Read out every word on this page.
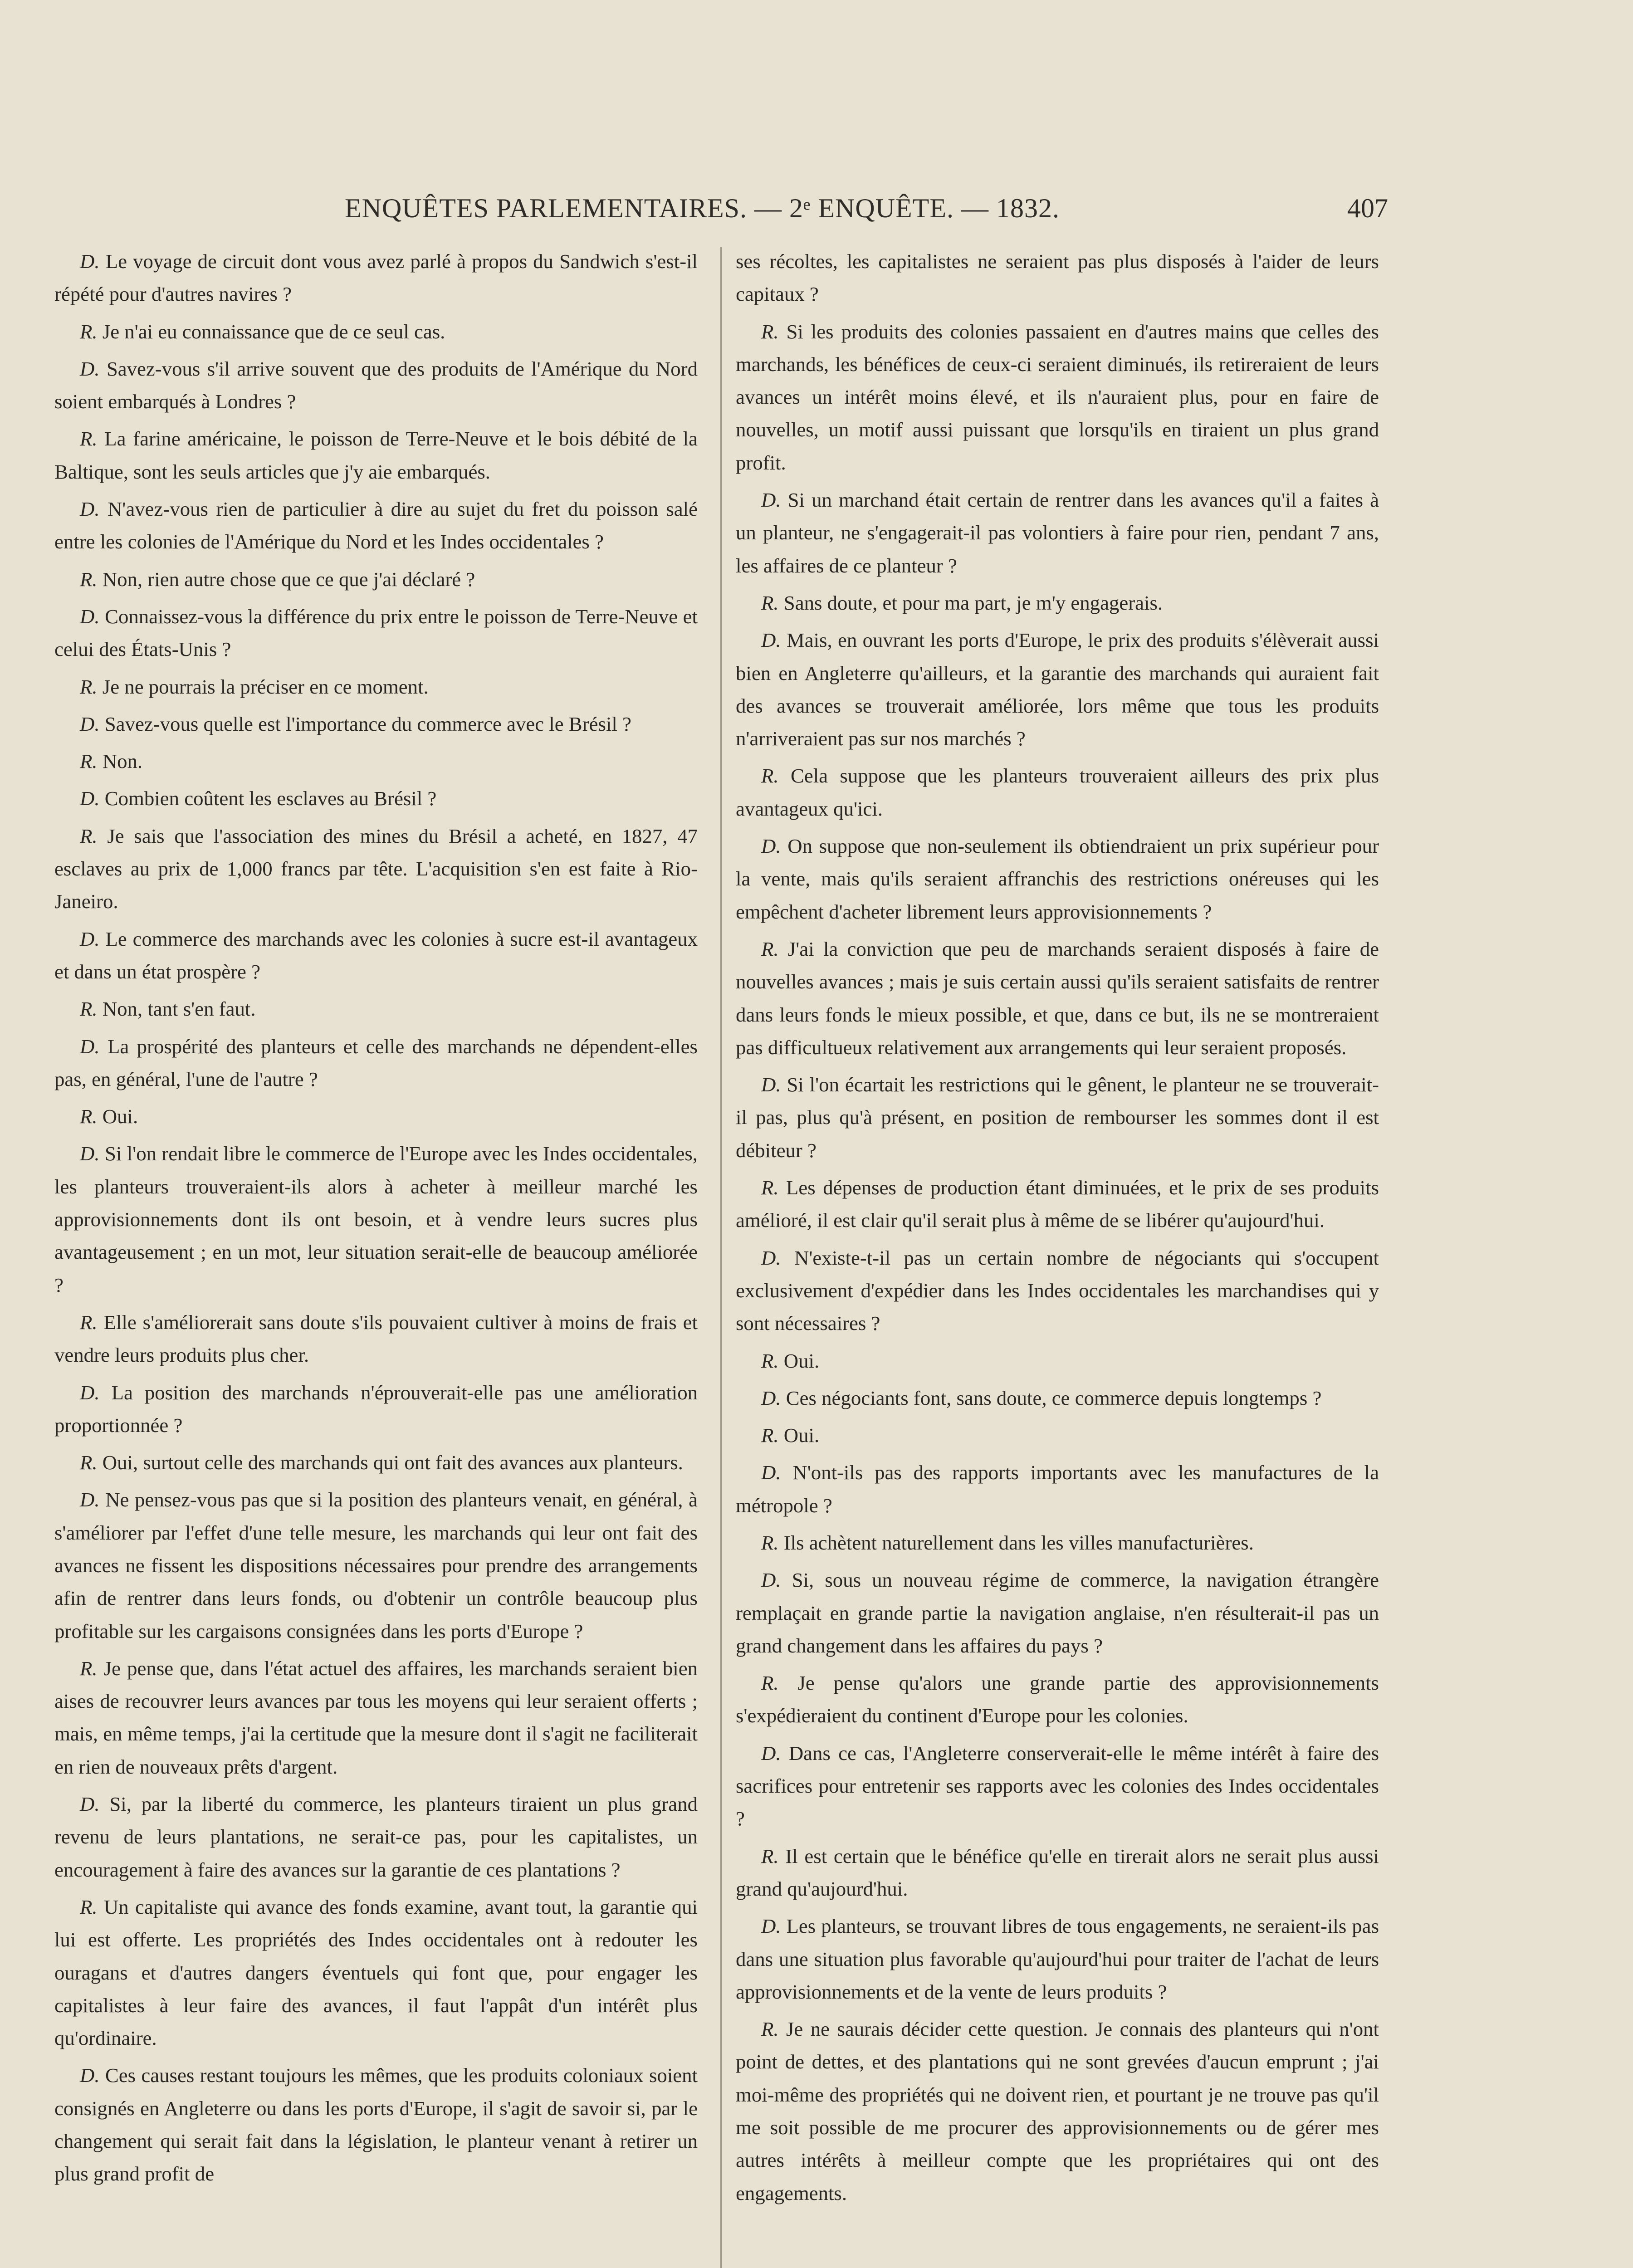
ENQUÊTES PARLEMENTAIRES. — 2ᵉ ENQUÊTE. — 1832.	407

D. Le voyage de circuit dont vous avez parlé à propos du Sandwich s'est-il répété pour d'autres navires ?

R. Je n'ai eu connaissance que de ce seul cas.

D. Savez-vous s'il arrive souvent que des produits de l'Amérique du Nord soient embarqués à Londres ?

R. La farine américaine, le poisson de Terre-Neuve et le bois débité de la Baltique, sont les seuls articles que j'y aie embarqués.

D. N'avez-vous rien de particulier à dire au sujet du fret du poisson salé entre les colonies de l'Amérique du Nord et les Indes occidentales ?

R. Non, rien autre chose que ce que j'ai déclaré ?

D. Connaissez-vous la différence du prix entre le poisson de Terre-Neuve et celui des États-Unis ?

R. Je ne pourrais la préciser en ce moment.

D. Savez-vous quelle est l'importance du commerce avec le Brésil ?

R. Non.

D. Combien coûtent les esclaves au Brésil ?

R. Je sais que l'association des mines du Brésil a acheté, en 1827, 47 esclaves au prix de 1,000 francs par tête. L'acquisition s'en est faite à Rio-Janeiro.

D. Le commerce des marchands avec les colonies à sucre est-il avantageux et dans un état prospère ?

R. Non, tant s'en faut.

D. La prospérité des planteurs et celle des marchands ne dépendent-elles pas, en général, l'une de l'autre ?

R. Oui.

D. Si l'on rendait libre le commerce de l'Europe avec les Indes occidentales, les planteurs trouveraient-ils alors à acheter à meilleur marché les approvisionnements dont ils ont besoin, et à vendre leurs sucres plus avantageusement ; en un mot, leur situation serait-elle de beaucoup améliorée ?

R. Elle s'améliorerait sans doute s'ils pouvaient cultiver à moins de frais et vendre leurs produits plus cher.

D. La position des marchands n'éprouverait-elle pas une amélioration proportionnée ?

R. Oui, surtout celle des marchands qui ont fait des avances aux planteurs.

D. Ne pensez-vous pas que si la position des planteurs venait, en général, à s'améliorer par l'effet d'une telle mesure, les marchands qui leur ont fait des avances ne fissent les dispositions nécessaires pour prendre des arrangements afin de rentrer dans leurs fonds, ou d'obtenir un contrôle beaucoup plus profitable sur les cargaisons consignées dans les ports d'Europe ?

R. Je pense que, dans l'état actuel des affaires, les marchands seraient bien aises de recouvrer leurs avances par tous les moyens qui leur seraient offerts ; mais, en même temps, j'ai la certitude que la mesure dont il s'agit ne faciliterait en rien de nouveaux prêts d'argent.

D. Si, par la liberté du commerce, les planteurs tiraient un plus grand revenu de leurs plantations, ne serait-ce pas, pour les capitalistes, un encouragement à faire des avances sur la garantie de ces plantations ?

R. Un capitaliste qui avance des fonds examine, avant tout, la garantie qui lui est offerte. Les propriétés des Indes occidentales ont à redouter les ouragans et d'autres dangers éventuels qui font que, pour engager les capitalistes à leur faire des avances, il faut l'appât d'un intérêt plus qu'ordinaire.

D. Ces causes restant toujours les mêmes, que les produits coloniaux soient consignés en Angleterre ou dans les ports d'Europe, il s'agit de savoir si, par le changement qui serait fait dans la législation, le planteur venant à retirer un plus grand profit de

ses récoltes, les capitalistes ne seraient pas plus disposés à l'aider de leurs capitaux ?

R. Si les produits des colonies passaient en d'autres mains que celles des marchands, les bénéfices de ceux-ci seraient diminués, ils retireraient de leurs avances un intérêt moins élevé, et ils n'auraient plus, pour en faire de nouvelles, un motif aussi puissant que lorsqu'ils en tiraient un plus grand profit.

D. Si un marchand était certain de rentrer dans les avances qu'il a faites à un planteur, ne s'engagerait-il pas volontiers à faire pour rien, pendant 7 ans, les affaires de ce planteur ?

R. Sans doute, et pour ma part, je m'y engagerais.

D. Mais, en ouvrant les ports d'Europe, le prix des produits s'élèverait aussi bien en Angleterre qu'ailleurs, et la garantie des marchands qui auraient fait des avances se trouverait améliorée, lors même que tous les produits n'arriveraient pas sur nos marchés ?

R. Cela suppose que les planteurs trouveraient ailleurs des prix plus avantageux qu'ici.

D. On suppose que non-seulement ils obtiendraient un prix supérieur pour la vente, mais qu'ils seraient affranchis des restrictions onéreuses qui les empêchent d'acheter librement leurs approvisionnements ?

R. J'ai la conviction que peu de marchands seraient disposés à faire de nouvelles avances ; mais je suis certain aussi qu'ils seraient satisfaits de rentrer dans leurs fonds le mieux possible, et que, dans ce but, ils ne se montreraient pas difficultueux relativement aux arrangements qui leur seraient proposés.

D. Si l'on écartait les restrictions qui le gênent, le planteur ne se trouverait-il pas, plus qu'à présent, en position de rembourser les sommes dont il est débiteur ?

R. Les dépenses de production étant diminuées, et le prix de ses produits amélioré, il est clair qu'il serait plus à même de se libérer qu'aujourd'hui.

D. N'existe-t-il pas un certain nombre de négociants qui s'occupent exclusivement d'expédier dans les Indes occidentales les marchandises qui y sont nécessaires ?

R. Oui.

D. Ces négociants font, sans doute, ce commerce depuis longtemps ?

R. Oui.

D. N'ont-ils pas des rapports importants avec les manufactures de la métropole ?

R. Ils achètent naturellement dans les villes manufacturières.

D. Si, sous un nouveau régime de commerce, la navigation étrangère remplaçait en grande partie la navigation anglaise, n'en résulterait-il pas un grand changement dans les affaires du pays ?

R. Je pense qu'alors une grande partie des approvisionnements s'expédieraient du continent d'Europe pour les colonies.

D. Dans ce cas, l'Angleterre conserverait-elle le même intérêt à faire des sacrifices pour entretenir ses rapports avec les colonies des Indes occidentales ?

R. Il est certain que le bénéfice qu'elle en tirerait alors ne serait plus aussi grand qu'aujourd'hui.

D. Les planteurs, se trouvant libres de tous engagements, ne seraient-ils pas dans une situation plus favorable qu'aujourd'hui pour traiter de l'achat de leurs approvisionnements et de la vente de leurs produits ?

R. Je ne saurais décider cette question. Je connais des planteurs qui n'ont point de dettes, et des plantations qui ne sont grevées d'aucun emprunt ; j'ai moi-même des propriétés qui ne doivent rien, et pourtant je ne trouve pas qu'il me soit possible de me procurer des approvisionnements ou de gérer mes autres intérêts à meilleur compte que les propriétaires qui ont des engagements.
